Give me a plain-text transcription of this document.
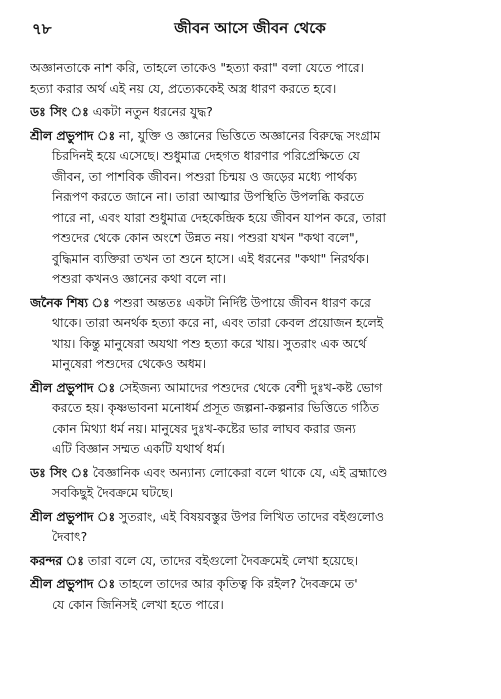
৭৮	জীবন আসে জীবন থেকে
অজ্ঞানতাকে নাশ করি, তাহলে তাকেও "হত্যা করা" বলা যেতে পারে।
হত্যা করার অর্থ এই নয় যে, প্রত্যেককেই অস্ত্র ধারণ করতে হবে।
ডঃ সিং ঃ একটা নতুন ধরনের যুদ্ধ?
শ্রীল প্রভুপাদ ঃ না, যুক্তি ও জ্ঞানের ভিত্তিতে অজ্ঞানের বিরুদ্ধে সংগ্রাম
চিরদিনই হয়ে এসেছে। শুধুমাত্র দেহগত ধারণার পরিপ্রেক্ষিতে যে
জীবন, তা পাশবিক জীবন। পশুরা চিন্ময় ও জড়ের মধ্যে পার্থক্য
নিরূপণ করতে জানে না। তারা আত্মার উপস্থিতি উপলব্ধি করতে
পারে না, এবং যারা শুধুমাত্র দেহকেন্দ্রিক হয়ে জীবন যাপন করে, তারা
পশুদের থেকে কোন অংশে উন্নত নয়। পশুরা যখন "কথা বলে",
বুদ্ধিমান ব্যক্তিরা তখন তা শুনে হাসে। এই ধরনের "কথা" নিরর্থক।
পশুরা কখনও জ্ঞানের কথা বলে না।
জনৈক শিষ্য ঃ পশুরা অন্ততঃ একটা নির্দিষ্ট উপায়ে জীবন ধারণ করে
থাকে। তারা অনর্থক হত্যা করে না, এবং তারা কেবল প্রয়োজন হলেই
খায়। কিন্তু মানুষেরা অযথা পশু হত্যা করে খায়। সুতরাং এক অর্থে
মানুষেরা পশুদের থেকেও অধম।
শ্রীল প্রভুপাদ ঃ সেইজন্য আমাদের পশুদের থেকে বেশী দুঃখ-কষ্ট ভোগ
করতে হয়। কৃষ্ণভাবনা মনোধর্ম প্রসূত জল্পনা-কল্পনার ভিত্তিতে গঠিত
কোন মিথ্যা ধর্ম নয়। মানুষের দুঃখ-কষ্টের ভার লাঘব করার জন্য
এটি বিজ্ঞান সম্মত একটি যথার্থ ধর্ম।
ডঃ সিং ঃ বৈজ্ঞানিক এবং অন্যান্য লোকেরা বলে থাকে যে, এই ব্রহ্মাণ্ডে
সবকিছুই দৈবক্রমে ঘটছে।
শ্রীল প্রভুপাদ ঃ সুতরাং, এই বিষয়বস্তুর উপর লিখিত তাদের বইগুলোও
দৈবাৎ?
করন্দর ঃ তারা বলে যে, তাদের বইগুলো দৈবক্রমেই লেখা হয়েছে।
শ্রীল প্রভুপাদ ঃ তাহলে তাদের আর কৃতিত্ব কি রইল? দৈবক্রমে ত'
যে কোন জিনিসই লেখা হতে পারে।
